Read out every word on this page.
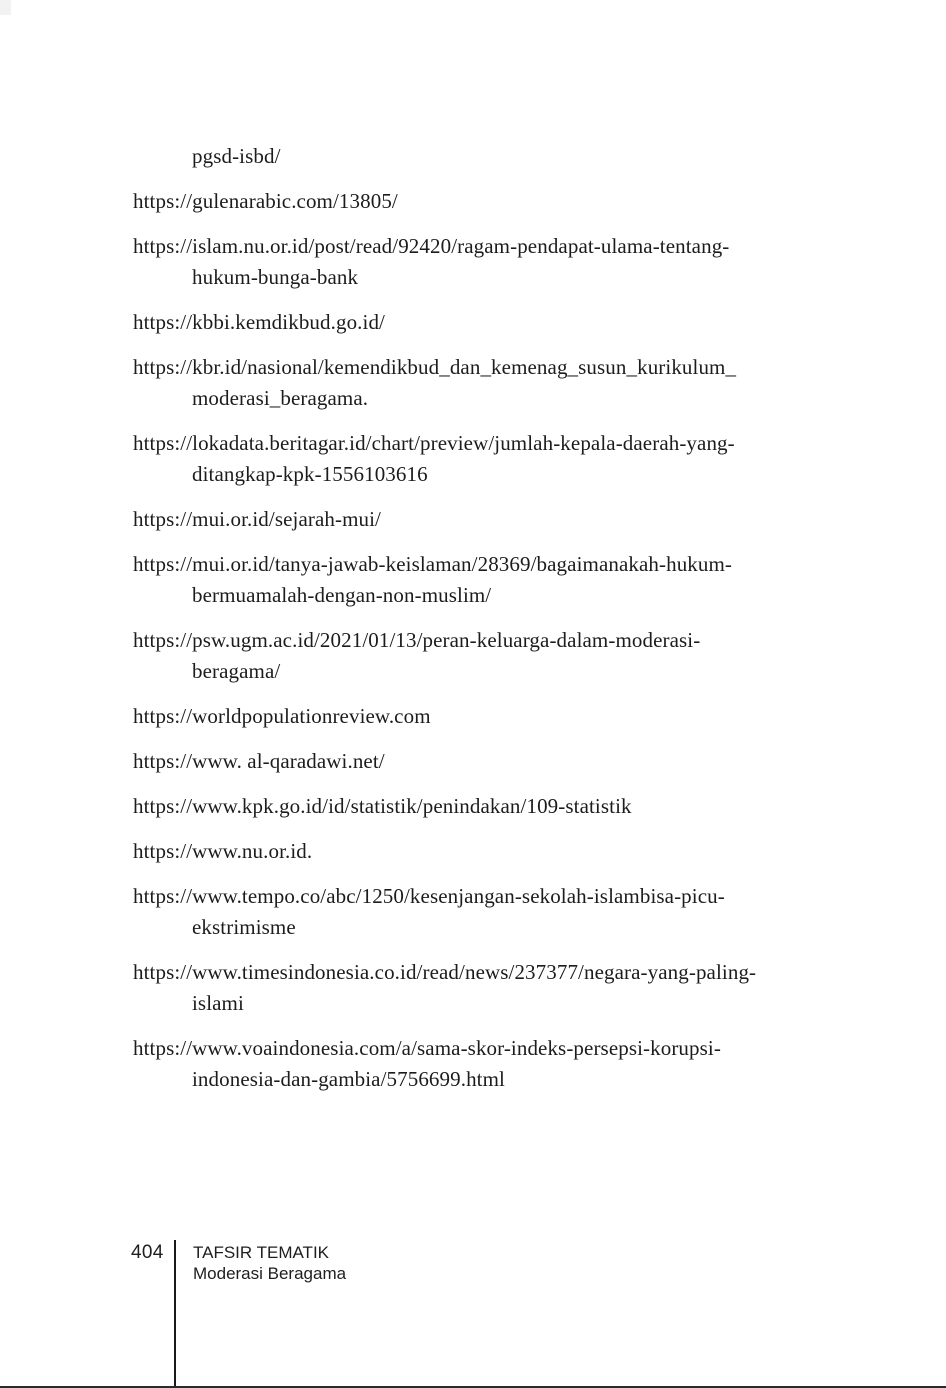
pgsd-isbd/

https://gulenarabic.com/13805/

https://islam.nu.or.id/post/read/92420/ragam-pendapat-ulama-tentang-
hukum-bunga-bank

https://kbbi.kemdikbud.go.id/

https://kbr.id/nasional/kemendikbud_dan_kemenag_susun_kurikulum_
moderasi_beragama.

https://lokadata.beritagar.id/chart/preview/jumlah-kepala-daerah-yang-
ditangkap-kpk-1556103616

https://mui.or.id/sejarah-mui/

https://mui.or.id/tanya-jawab-keislaman/28369/bagaimanakah-hukum-
bermuamalah-dengan-non-muslim/

https://psw.ugm.ac.id/2021/01/13/peran-keluarga-dalam-moderasi-
beragama/

https://worldpopulationreview.com

https://www. al-qaradawi.net/

https://www.kpk.go.id/id/statistik/penindakan/109-statistik

https://www.nu.or.id.

https://www.tempo.co/abc/1250/kesenjangan-sekolah-islambisa-picu-
ekstrimisme

https://www.timesindonesia.co.id/read/news/237377/negara-yang-paling-
islami

https://www.voaindonesia.com/a/sama-skor-indeks-persepsi-korupsi-
indonesia-dan-gambia/5756699.html

404 TAFSIR TEMATIK
Moderasi Beragama
